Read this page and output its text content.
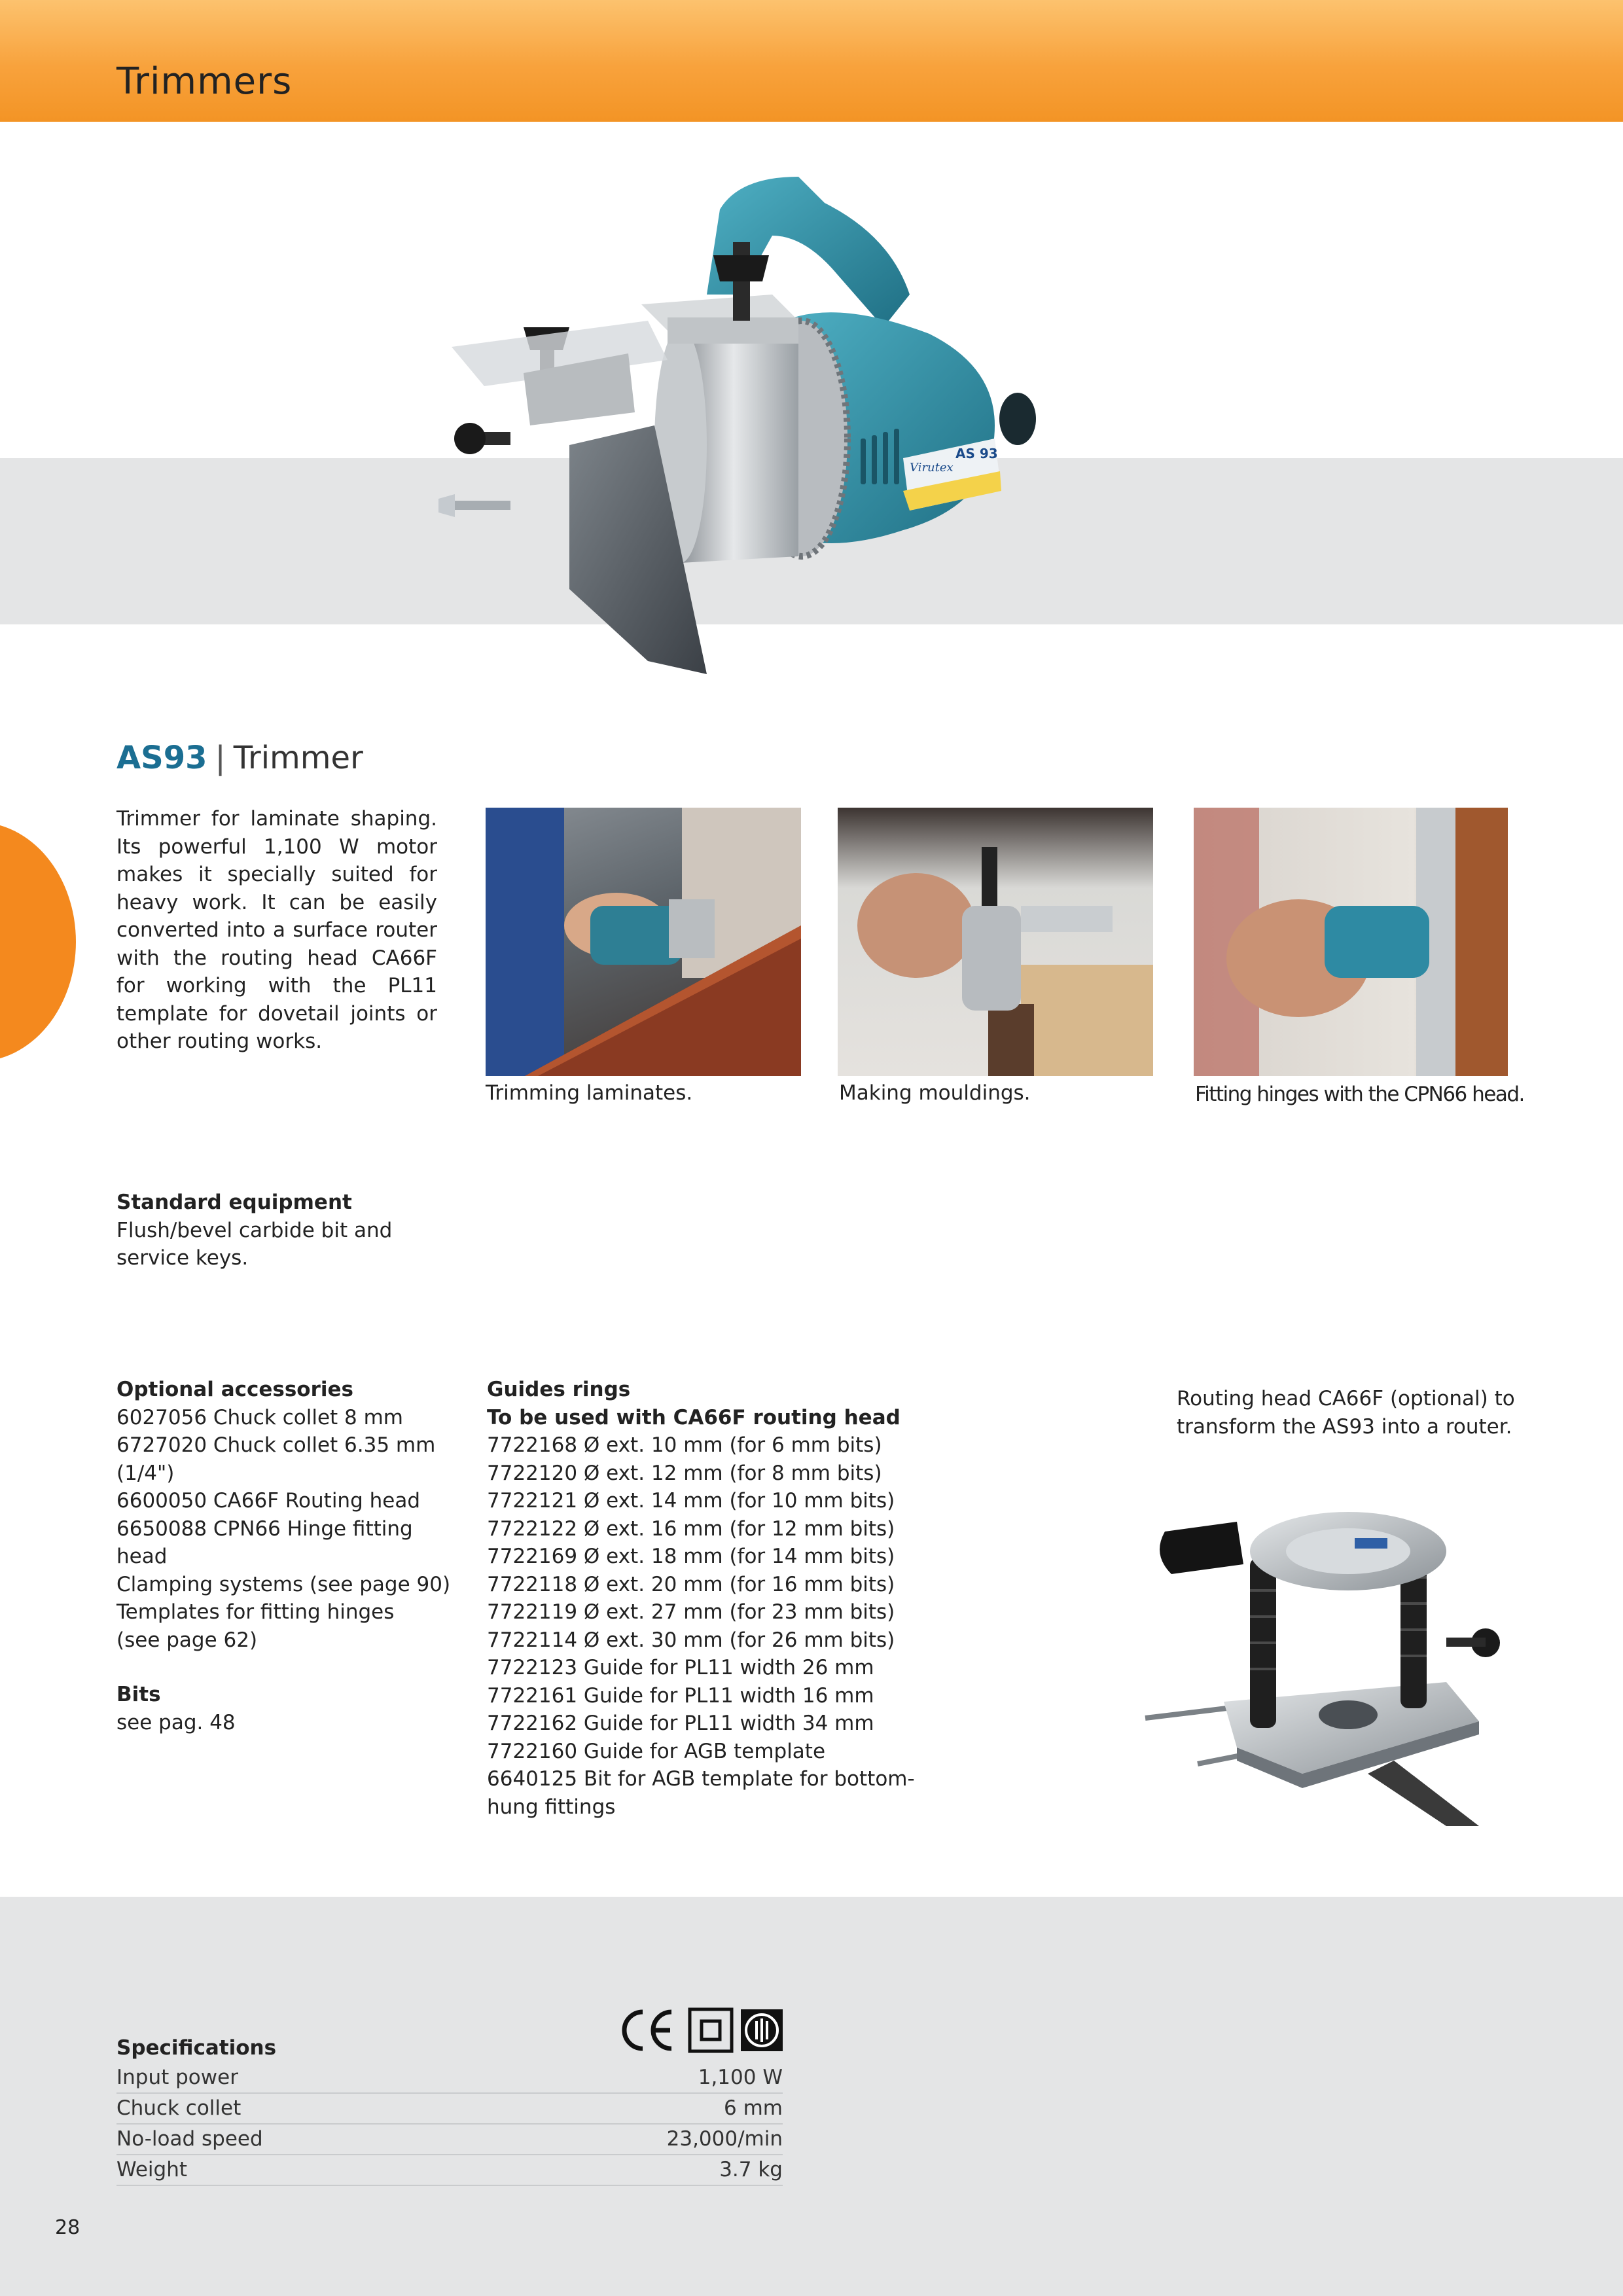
Trimmers
AS 93
Virutex
AS93 | Trimmer
Trimmer for laminate shaping. Its powerful 1,100 W motor makes it specially suited for heavy work. It can be easily converted into a surface router with the routing head CA66F for working with the PL11 template for dovetail joints or other routing works.
Trimming laminates.	Making mouldings.	Fitting hinges with the CPN66 head.
Standard equipment
Flush/bevel carbide bit and
service keys.
Optional accessories
6027056 Chuck collet 8 mm
6727020 Chuck collet 6.35 mm
(1/4")
6600050 CA66F Routing head
6650088 CPN66 Hinge fitting
head
Clamping systems (see page 90)
Templates for fitting hinges
(see page 62)
Bits
see pag. 48
Guides rings
To be used with CA66F routing head
7722168 Ø ext. 10 mm (for 6 mm bits)
7722120 Ø ext. 12 mm (for 8 mm bits)
7722121 Ø ext. 14 mm (for 10 mm bits)
7722122 Ø ext. 16 mm (for 12 mm bits)
7722169 Ø ext. 18 mm (for 14 mm bits)
7722118 Ø ext. 20 mm (for 16 mm bits)
7722119 Ø ext. 27 mm (for 23 mm bits)
7722114 Ø ext. 30 mm (for 26 mm bits)
7722123 Guide for PL11 width 26 mm
7722161 Guide for PL11 width 16 mm
7722162 Guide for PL11 width 34 mm
7722160 Guide for AGB template
6640125 Bit for AGB template for bottom-
hung fittings
Routing head CA66F (optional) to
transform the AS93 into a router.
Specifications
Input power	1,100 W
Chuck collet	6 mm
No-load speed	23,000/min
Weight	3.7 kg
28
